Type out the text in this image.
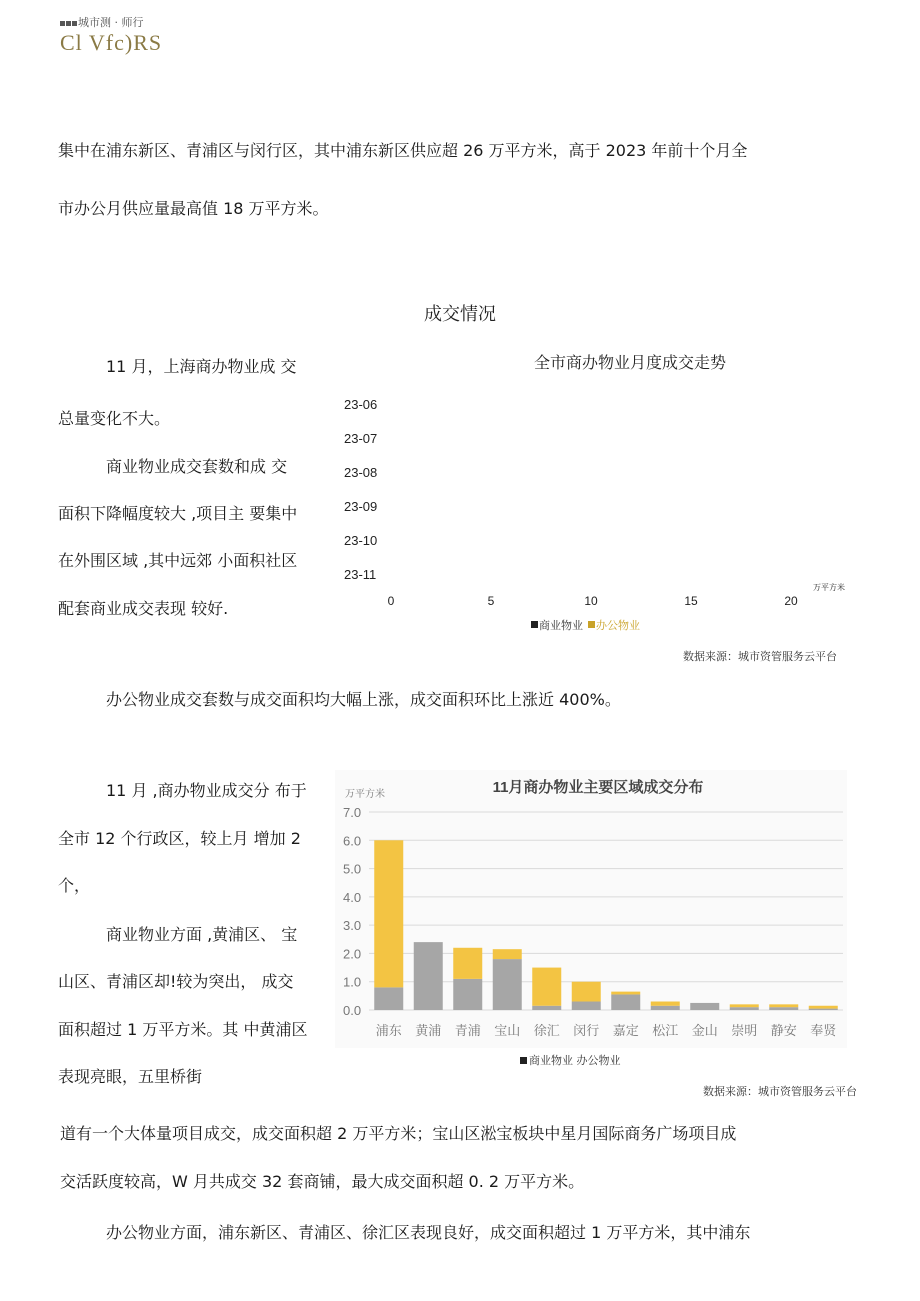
城市测 · 师行
Cl Vfc)RS
集中在浦东新区、青浦区与闵行区，其中浦东新区供应超 26 万平方米，高于 2023 年前十个月全
市办公月供应量最高值 18 万平方米。
成交情况
11 月，上海商办物业成 交
总量变化不大。
商业物业成交套数和成 交
面积下降幅度较大 ,项目主 要集中
在外围区域 ,其中远郊 小面积社区
配套商业成交表现 较好.
全市商办物业月度成交走势
23-06
23-07
23-08
23-09
23-10
23-11
0	5	10	15	20
万平方米
商业物业 办公物业
数据来源：城市资管服务云平台
办公物业成交套数与成交面积均大幅上涨，成交面积环比上涨近 400%。
11 月 ,商办物业成交分 布于
全市 12 个行政区，较上月 增加 2
个，
商业物业方面 ,黄浦区、 宝
山区、青浦区却!较为突出， 成交
面积超过 1 万平方米。其 中黄浦区
表现亮眼，五里桥街
11月商办物业主要区域成交分布
万平方米
0.0
1.0
2.0
3.0
4.0
5.0
6.0
7.0
浦东 黄浦 青浦 宝山 徐汇 闵行 嘉定 松江 金山 崇明 静安 奉贤
商业物业 办公物业
数据来源：城市资管服务云平台
道有一个大体量项目成交，成交面积超 2 万平方米；宝山区淞宝板块中星月国际商务广场项目成
交活跃度较高，W 月共成交 32 套商铺，最大成交面积超 0. 2 万平方米。
办公物业方面，浦东新区、青浦区、徐汇区表现良好，成交面积超过 1 万平方米，其中浦东
